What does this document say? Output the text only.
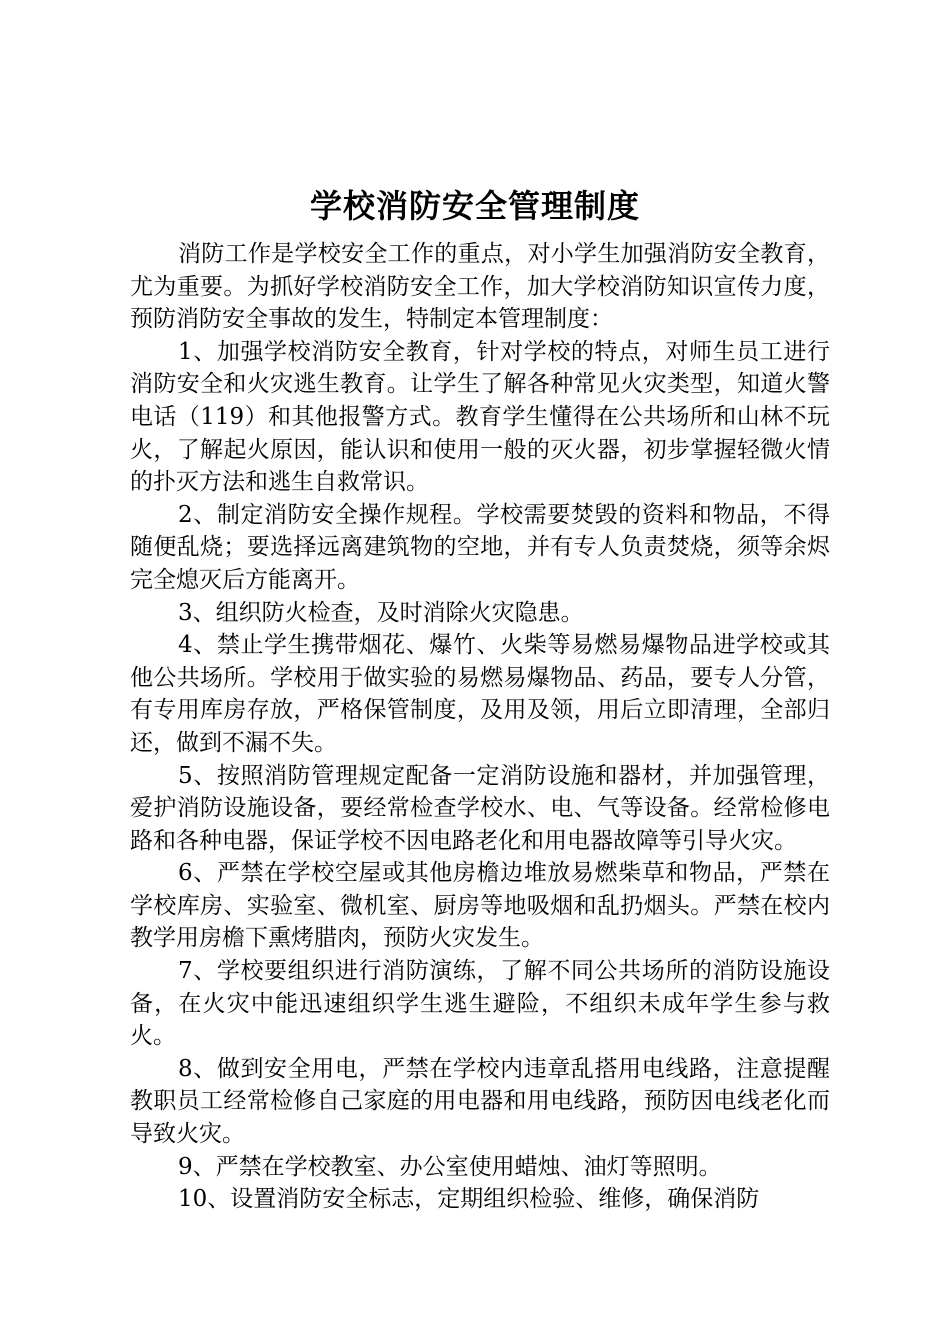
学校消防安全管理制度

消防工作是学校安全工作的重点，对小学生加强消防安全教育，尤为重要。为抓好学校消防安全工作，加大学校消防知识宣传力度，预防消防安全事故的发生，特制定本管理制度：

1、加强学校消防安全教育，针对学校的特点，对师生员工进行消防安全和火灾逃生教育。让学生了解各种常见火灾类型，知道火警电话（119）和其他报警方式。教育学生懂得在公共场所和山林不玩火，了解起火原因，能认识和使用一般的灭火器，初步掌握轻微火情的扑灭方法和逃生自救常识。

2、制定消防安全操作规程。学校需要焚毁的资料和物品，不得随便乱烧；要选择远离建筑物的空地，并有专人负责焚烧，须等余烬完全熄灭后方能离开。

3、组织防火检查，及时消除火灾隐患。

4、禁止学生携带烟花、爆竹、火柴等易燃易爆物品进学校或其他公共场所。学校用于做实验的易燃易爆物品、药品，要专人分管，有专用库房存放，严格保管制度，及用及领，用后立即清理，全部归还，做到不漏不失。

5、按照消防管理规定配备一定消防设施和器材，并加强管理，爱护消防设施设备，要经常检查学校水、电、气等设备。经常检修电路和各种电器，保证学校不因电路老化和用电器故障等引导火灾。

6、严禁在学校空屋或其他房檐边堆放易燃柴草和物品，严禁在学校库房、实验室、微机室、厨房等地吸烟和乱扔烟头。严禁在校内教学用房檐下熏烤腊肉，预防火灾发生。

7、学校要组织进行消防演练，了解不同公共场所的消防设施设备，在火灾中能迅速组织学生逃生避险，不组织未成年学生参与救火。

8、做到安全用电，严禁在学校内违章乱搭用电线路，注意提醒教职员工经常检修自己家庭的用电器和用电线路，预防因电线老化而导致火灾。

9、严禁在学校教室、办公室使用蜡烛、油灯等照明。

10、设置消防安全标志，定期组织检验、维修，确保消防
